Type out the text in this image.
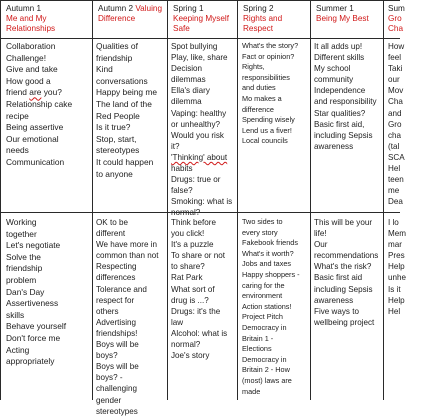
Autumn 1
Me and My Relationships
Collaboration
Challenge!
Give and take
How good a
friend are you?
Relationship cake
recipe
Being assertive
Our emotional
needs
Communication
Working
together
Let's negotiate
Solve the
friendship
problem
Dan's Day
Assertiveness
skills
Behave yourself
Don't force me
Acting
appropriately
Autumn 2 Valuing Difference
Qualities of
friendship
Kind
conversations
Happy being me
The land of the
Red People
Is it true?
Stop, start,
stereotypes
It could happen
to anyone
OK to be
different
We have more in
common than not
Respecting
differences
Tolerance and
respect for
others
Advertising
friendships!
Boys will be
boys?
Boys will be
boys? -
challenging
gender
stereotypes
Spring 1 Keeping Myself Safe
Spot bullying
Play, like, share
Decision
dilemmas
Ella's diary
dilemma
Vaping: healthy
or unhealthy?
Would you risk
it?
'Thinking' about
habits
Drugs: true or
false?
Smoking: what is
Think before
you click!
It's a puzzle
To share or not
to share?
Rat Park
What sort of
drug is ...?
Drugs: it's the
law
Alcohol: what is
normal?
Joe's story
Spring 2
Rights and Respect
What's the story?
Fact or opinion?
Rights,
responsibilities
and duties
Mo makes a
difference
Spending wisely
Lend us a fiver!
Local councils
Two sides to
every story
Fakebook friends
What's it worth?
Jobs and taxes
Happy shoppers -
caring for the
environment
Action stations!
Project Pitch
Democracy in
Britain 1 -
Elections
Democracy in
Britain 2 - How
(most) laws are
made
Summer 1
Being My Best
It all adds up!
Different skills
My school
community
Independence
and responsibility
Star qualities?
Basic first aid,
including Sepsis
awareness
This will be your
life!
Our
recommendations
What's the risk?
Basic first aid
including Sepsis
awareness
Five ways to
wellbeing project
Sum
Gro Cha
How
feel
Taki
our
Mov
Cha
and
Gro
cha
(tal
SCA
Hel
teen
me
Dea
I lo
Mem
mar
Pres
Help
unhe
Is it
Help
Hel
